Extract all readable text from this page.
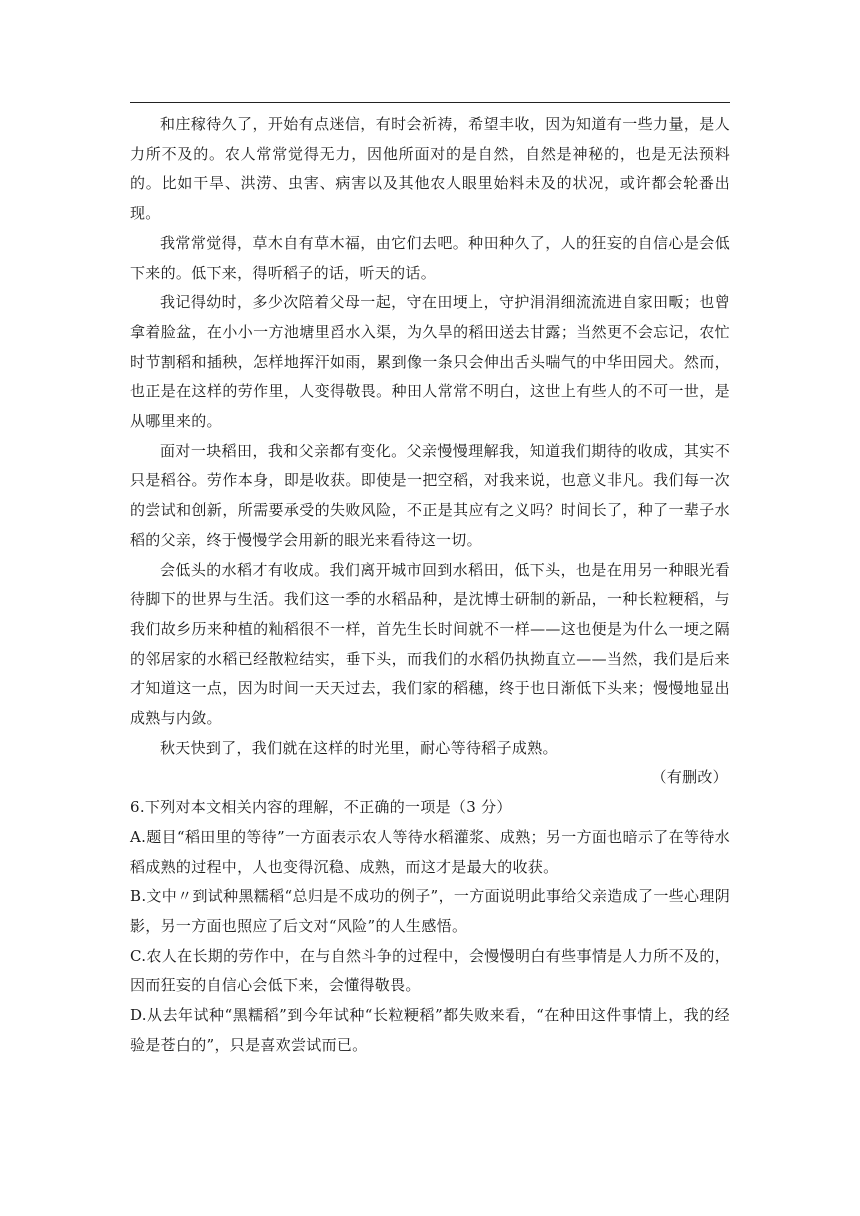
和庄稼待久了，开始有点迷信，有时会祈祷，希望丰收，因为知道有一些力量，是人力所不及的。农人常常觉得无力，因他所面对的是自然，自然是神秘的，也是无法预料的。比如干旱、洪涝、虫害、病害以及其他农人眼里始料未及的状况，或许都会轮番出现。

我常常觉得，草木自有草木福，由它们去吧。种田种久了，人的狂妄的自信心是会低下来的。低下来，得听稻子的话，听天的话。

我记得幼时，多少次陪着父母一起，守在田埂上，守护涓涓细流流进自家田畈；也曾拿着脸盆，在小小一方池塘里舀水入渠，为久旱的稻田送去甘露；当然更不会忘记，农忙时节割稻和插秧，怎样地挥汗如雨，累到像一条只会伸出舌头喘气的中华田园犬。然而，也正是在这样的劳作里，人变得敬畏。种田人常常不明白，这世上有些人的不可一世，是从哪里来的。

面对一块稻田，我和父亲都有变化。父亲慢慢理解我，知道我们期待的收成，其实不只是稻谷。劳作本身，即是收获。即使是一把空稻，对我来说，也意义非凡。我们每一次的尝试和创新，所需要承受的失败风险，不正是其应有之义吗？时间长了，种了一辈子水稻的父亲，终于慢慢学会用新的眼光来看待这一切。

会低头的水稻才有收成。我们离开城市回到水稻田，低下头，也是在用另一种眼光看待脚下的世界与生活。我们这一季的水稻品种，是沈博士研制的新品，一种长粒粳稻，与我们故乡历来种植的籼稻很不一样，首先生长时间就不一样——这也便是为什么一埂之隔的邻居家的水稻已经散粒结实，垂下头，而我们的水稻仍执拗直立——当然，我们是后来才知道这一点，因为时间一天天过去，我们家的稻穗，终于也日渐低下头来；慢慢地显出成熟与内敛。

秋天快到了，我们就在这样的时光里，耐心等待稻子成熟。

（有删改）

6.下列对本文相关内容的理解，不正确的一项是（3 分）

A.题目“稻田里的等待”一方面表示农人等待水稻灌浆、成熟；另一方面也暗示了在等待水稻成熟的过程中，人也变得沉稳、成熟，而这才是最大的收获。

B.文中〃到试种黑糯稻“总归是不成功的例子”，一方面说明此事给父亲造成了一些心理阴影，另一方面也照应了后文对“风险”的人生感悟。

C.农人在长期的劳作中，在与自然斗争的过程中，会慢慢明白有些事情是人力所不及的，因而狂妄的自信心会低下来，会懂得敬畏。

D.从去年试种“黑糯稻”到今年试种“长粒粳稻”都失败来看，“在种田这件事情上，我的经验是苍白的”，只是喜欢尝试而已。
